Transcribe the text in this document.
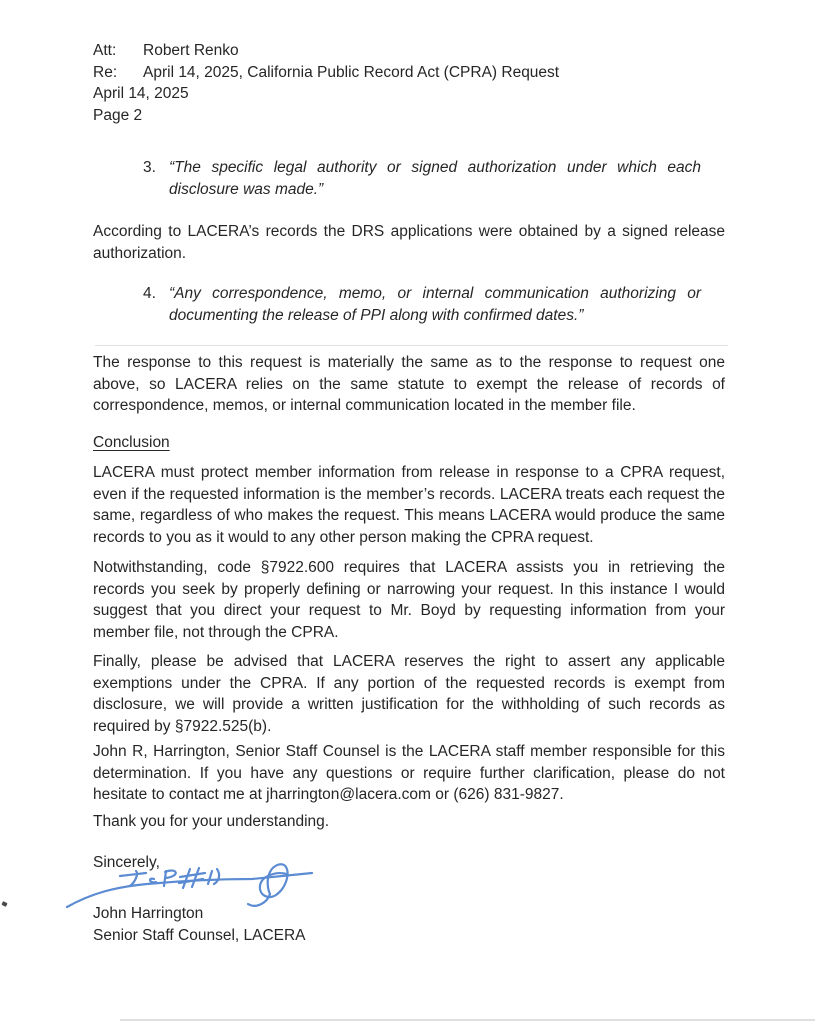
Att:	Robert Renko
Re:	April 14, 2025, California Public Record Act (CPRA) Request
April 14, 2025
Page 2
3. “The specific legal authority or signed authorization under which each disclosure was made.”

According to LACERA’s records the DRS applications were obtained by a signed release authorization.

4. “Any correspondence, memo, or internal communication authorizing or documenting the release of PPI along with confirmed dates.”

The response to this request is materially the same as to the response to request one above, so LACERA relies on the same statute to exempt the release of records of correspondence, memos, or internal communication located in the member file.

Conclusion

LACERA must protect member information from release in response to a CPRA request, even if the requested information is the member’s records. LACERA treats each request the same, regardless of who makes the request. This means LACERA would produce the same records to you as it would to any other person making the CPRA request.

Notwithstanding, code §7922.600 requires that LACERA assists you in retrieving the records you seek by properly defining or narrowing your request. In this instance I would suggest that you direct your request to Mr. Boyd by requesting information from your member file, not through the CPRA.

Finally, please be advised that LACERA reserves the right to assert any applicable exemptions under the CPRA. If any portion of the requested records is exempt from disclosure, we will provide a written justification for the withholding of such records as required by §7922.525(b).

John R, Harrington, Senior Staff Counsel is the LACERA staff member responsible for this determination. If you have any questions or require further clarification, please do not hesitate to contact me at jharrington@lacera.com or (626) 831-9827.

Thank you for your understanding.

Sincerely,
John Harrington
Senior Staff Counsel, LACERA
